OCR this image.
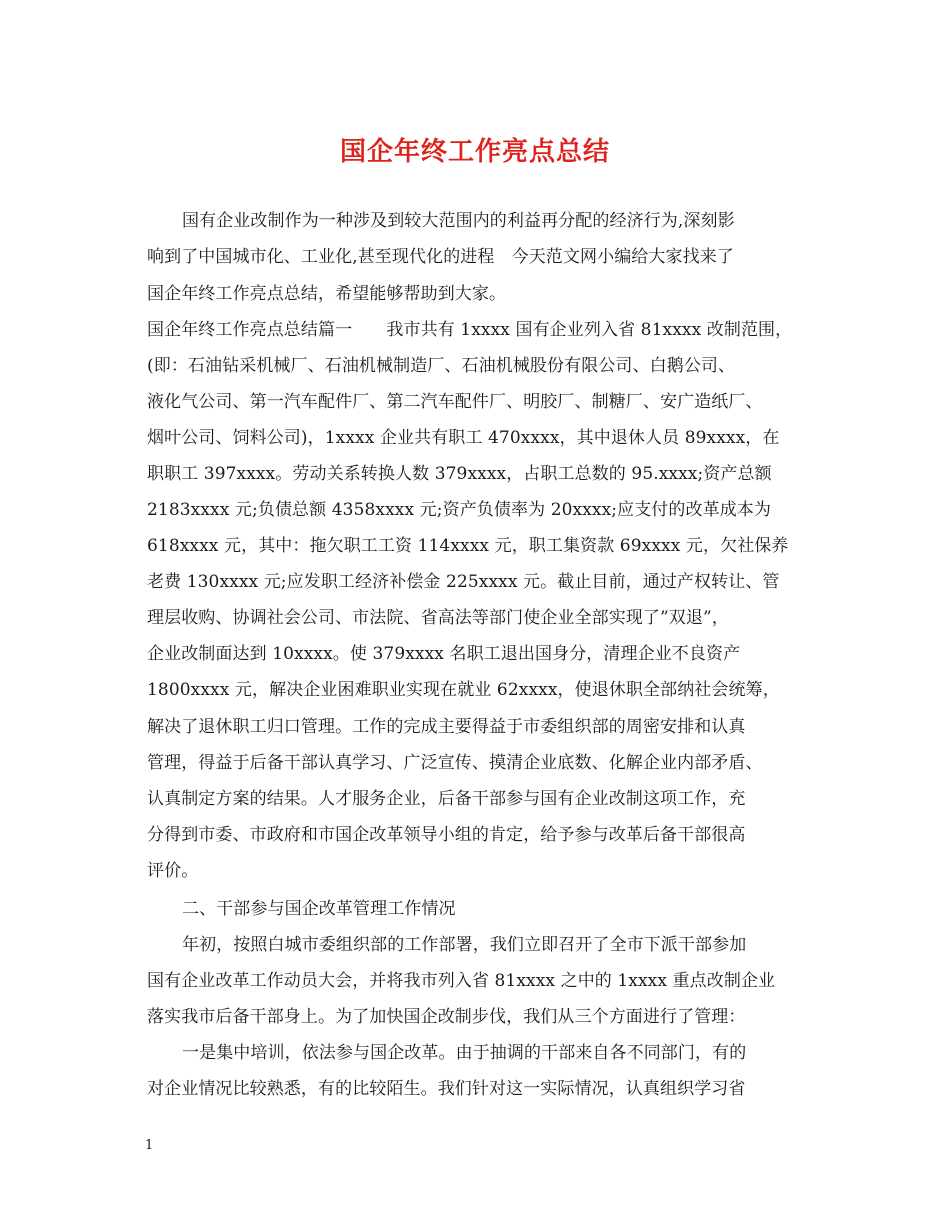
国企年终工作亮点总结
国有企业改制作为一种涉及到较大范围内的利益再分配的经济行为,深刻影
响到了中国城市化、工业化,甚至现代化的进程　今天范文网小编给大家找来了
国企年终工作亮点总结，希望能够帮助到大家。
国企年终工作亮点总结篇一　　我市共有 1xxxx 国有企业列入省 81xxxx 改制范围，
(即：石油钻采机械厂、石油机械制造厂、石油机械股份有限公司、白鹅公司、
液化气公司、第一汽车配件厂、第二汽车配件厂、明胶厂、制糖厂、安广造纸厂、
烟叶公司、饲料公司)，1xxxx 企业共有职工 470xxxx，其中退休人员 89xxxx，在
职职工 397xxxx。劳动关系转换人数 379xxxx，占职工总数的 95.xxxx;资产总额
2183xxxx 元;负债总额 4358xxxx 元;资产负债率为 20xxxx;应支付的改革成本为
618xxxx 元，其中：拖欠职工工资 114xxxx 元，职工集资款 69xxxx 元，欠社保养
老费 130xxxx 元;应发职工经济补偿金 225xxxx 元。截止目前，通过产权转让、管
理层收购、协调社会公司、市法院、省高法等部门使企业全部实现了”双退”，
企业改制面达到 10xxxx。使 379xxxx 名职工退出国身分，清理企业不良资产
1800xxxx 元，解决企业困难职业实现在就业 62xxxx，使退休职全部纳社会统筹，
解决了退休职工归口管理。工作的完成主要得益于市委组织部的周密安排和认真
管理，得益于后备干部认真学习、广泛宣传、摸清企业底数、化解企业内部矛盾、
认真制定方案的结果。人才服务企业，后备干部参与国有企业改制这项工作，充
分得到市委、市政府和市国企改革领导小组的肯定，给予参与改革后备干部很高
评价。
二、干部参与国企改革管理工作情况
年初，按照白城市委组织部的工作部署，我们立即召开了全市下派干部参加
国有企业改革工作动员大会，并将我市列入省 81xxxx 之中的 1xxxx 重点改制企业
落实我市后备干部身上。为了加快国企改制步伐，我们从三个方面进行了管理：
一是集中培训，依法参与国企改革。由于抽调的干部来自各不同部门，有的
对企业情况比较熟悉，有的比较陌生。我们针对这一实际情况，认真组织学习省
1
